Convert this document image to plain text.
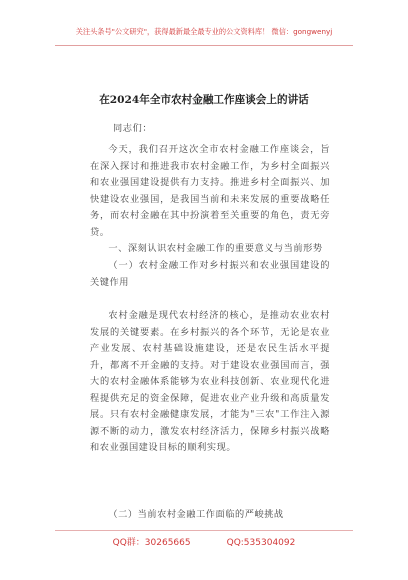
关注头条号"公文研究"，获得最新最全最专业的公文资料库！ 微信：gongwenyj
在2024年全市农村金融工作座谈会上的讲话
同志们：

今天，我们召开这次全市农村金融工作座谈会，旨在深入探讨和推进我市农村金融工作，为乡村全面振兴和农业强国建设提供有力支持。推进乡村全面振兴、加快建设农业强国，是我国当前和未来发展的重要战略任务，而农村金融在其中扮演着至关重要的角色，责无旁贷。

一、深刻认识农村金融工作的重要意义与当前形势

（一）农村金融工作对乡村振兴和农业强国建设的关键作用

农村金融是现代农村经济的核心，是推动农业农村发展的关键要素。在乡村振兴的各个环节，无论是农业产业发展、农村基础设施建设，还是农民生活水平提升，都离不开金融的支持。对于建设农业强国而言，强大的农村金融体系能够为农业科技创新、农业现代化进程提供充足的资金保障，促进农业产业升级和高质量发展。只有农村金融健康发展，才能为"三农"工作注入源源不断的动力，激发农村经济活力，保障乡村振兴战略和农业强国建设目标的顺利实现。

（二）当前农村金融工作面临的严峻挑战

QQ群：30265665	QQ:535304092
